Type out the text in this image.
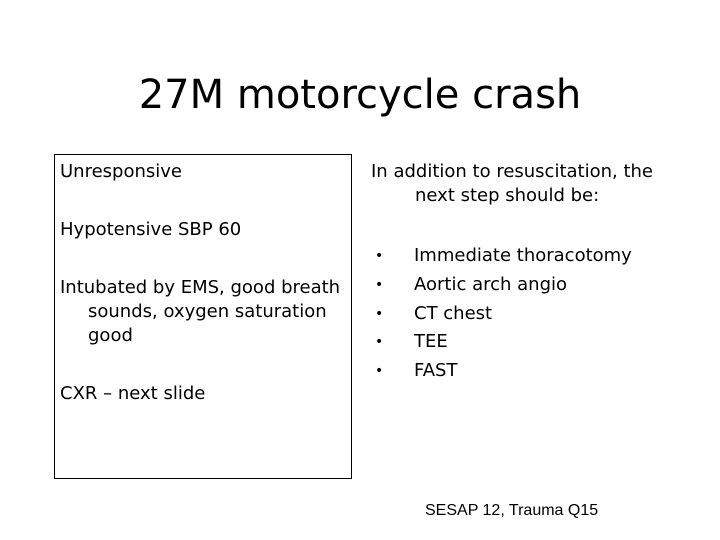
27M motorcycle crash

Unresponsive

Hypotensive SBP 60

Intubated by EMS, good breath sounds, oxygen saturation good

CXR – next slide

In addition to resuscitation, the next step should be:

• Immediate thoracotomy
• Aortic arch angio
• CT chest
• TEE
• FAST
SESAP 12, Trauma Q15
